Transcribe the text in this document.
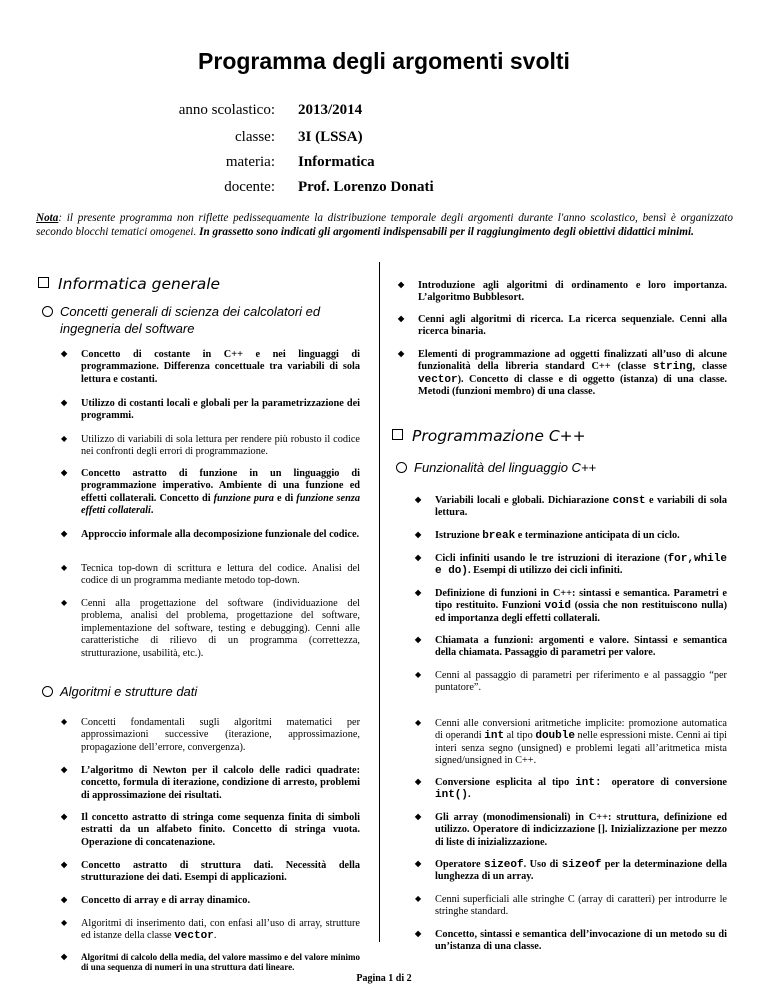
Programma degli argomenti svolti
anno scolastico: 2013/2014
classe: 3I (LSSA)
materia: Informatica
docente: Prof. Lorenzo Donati
Nota: il presente programma non riflette pedissequamente la distribuzione temporale degli argomenti durante l'anno scolastico, bensì è organizzato secondo blocchi tematici omogenei. In grassetto sono indicati gli argomenti indispensabili per il raggiungimento degli obiettivi didattici minimi.
Informatica generale
Concetti generali di scienza dei calcolatori ed ingegneria del software
◆ Concetto di costante in C++ e nei linguaggi di programmazione. Differenza concettuale tra variabili di sola lettura e costanti.
◆ Utilizzo di costanti locali e globali per la parametrizzazione dei programmi.
◆ Utilizzo di variabili di sola lettura per rendere più robusto il codice nei confronti degli errori di programmazione.
◆ Concetto astratto di funzione in un linguaggio di programmazione imperativo. Ambiente di una funzione ed effetti collaterali. Concetto di funzione pura e di funzione senza effetti collaterali.
◆ Approccio informale alla decomposizione funzionale del codice.
◆ Tecnica top-down di scrittura e lettura del codice. Analisi del codice di un programma mediante metodo top-down.
◆ Cenni alla progettazione del software (individuazione del problema, analisi del problema, progettazione del software, implementazione del software, testing e debugging). Cenni alle caratteristiche di rilievo di un programma (correttezza, strutturazione, usabilità, etc.).
Algoritmi e strutture dati
◆ Concetti fondamentali sugli algoritmi matematici per approssimazioni successive (iterazione, approssimazione, propagazione dell’errore, convergenza).
◆ L’algoritmo di Newton per il calcolo delle radici quadrate: concetto, formula di iterazione, condizione di arresto, problemi di approssimazione dei risultati.
◆ Il concetto astratto di stringa come sequenza finita di simboli estratti da un alfabeto finito. Concetto di stringa vuota. Operazione di concatenazione.
◆ Concetto astratto di struttura dati. Necessità della strutturazione dei dati. Esempi di applicazioni.
◆ Concetto di array e di array dinamico.
◆ Algoritmi di inserimento dati, con enfasi all’uso di array, strutture ed istanze della classe vector.
◆ Algoritmi di calcolo della media, del valore massimo e del valore minimo di una sequenza di numeri in una struttura dati lineare.
◆ Introduzione agli algoritmi di ordinamento e loro importanza. L’algoritmo Bubblesort.
◆ Cenni agli algoritmi di ricerca. La ricerca sequenziale. Cenni alla ricerca binaria.
◆ Elementi di programmazione ad oggetti finalizzati all’uso di alcune funzionalità della libreria standard C++ (classe string, classe vector). Concetto di classe e di oggetto (istanza) di una classe. Metodi (funzioni membro) di una classe.
Programmazione C++
Funzionalità del linguaggio C++
◆ Variabili locali e globali. Dichiarazione const e variabili di sola lettura.
◆ Istruzione break e terminazione anticipata di un ciclo.
◆ Cicli infiniti usando le tre istruzioni di iterazione (for,while e do). Esempi di utilizzo dei cicli infiniti.
◆ Definizione di funzioni in C++: sintassi e semantica. Parametri e tipo restituito. Funzioni void (ossia che non restituiscono nulla) ed importanza degli effetti collaterali.
◆ Chiamata a funzioni: argomenti e valore. Sintassi e semantica della chiamata. Passaggio di parametri per valore.
◆ Cenni al passaggio di parametri per riferimento e al passaggio “per puntatore”.
◆ Cenni alle conversioni aritmetiche implicite: promozione automatica di operandi int al tipo double nelle espressioni miste. Cenni ai tipi interi senza segno (unsigned) e problemi legati all’aritmetica mista signed/unsigned in C++.
◆ Conversione esplicita al tipo int: operatore di conversione int().
◆ Gli array (monodimensionali) in C++: struttura, definizione ed utilizzo. Operatore di indicizzazione []. Inizializzazione per mezzo di liste di inizializzazione.
◆ Operatore sizeof. Uso di sizeof per la determinazione della lunghezza di un array.
◆ Cenni superficiali alle stringhe C (array di caratteri) per introdurre le stringhe standard.
◆ Concetto, sintassi e semantica dell’invocazione di un metodo su di un’istanza di una classe.
Pagina 1 di 2
